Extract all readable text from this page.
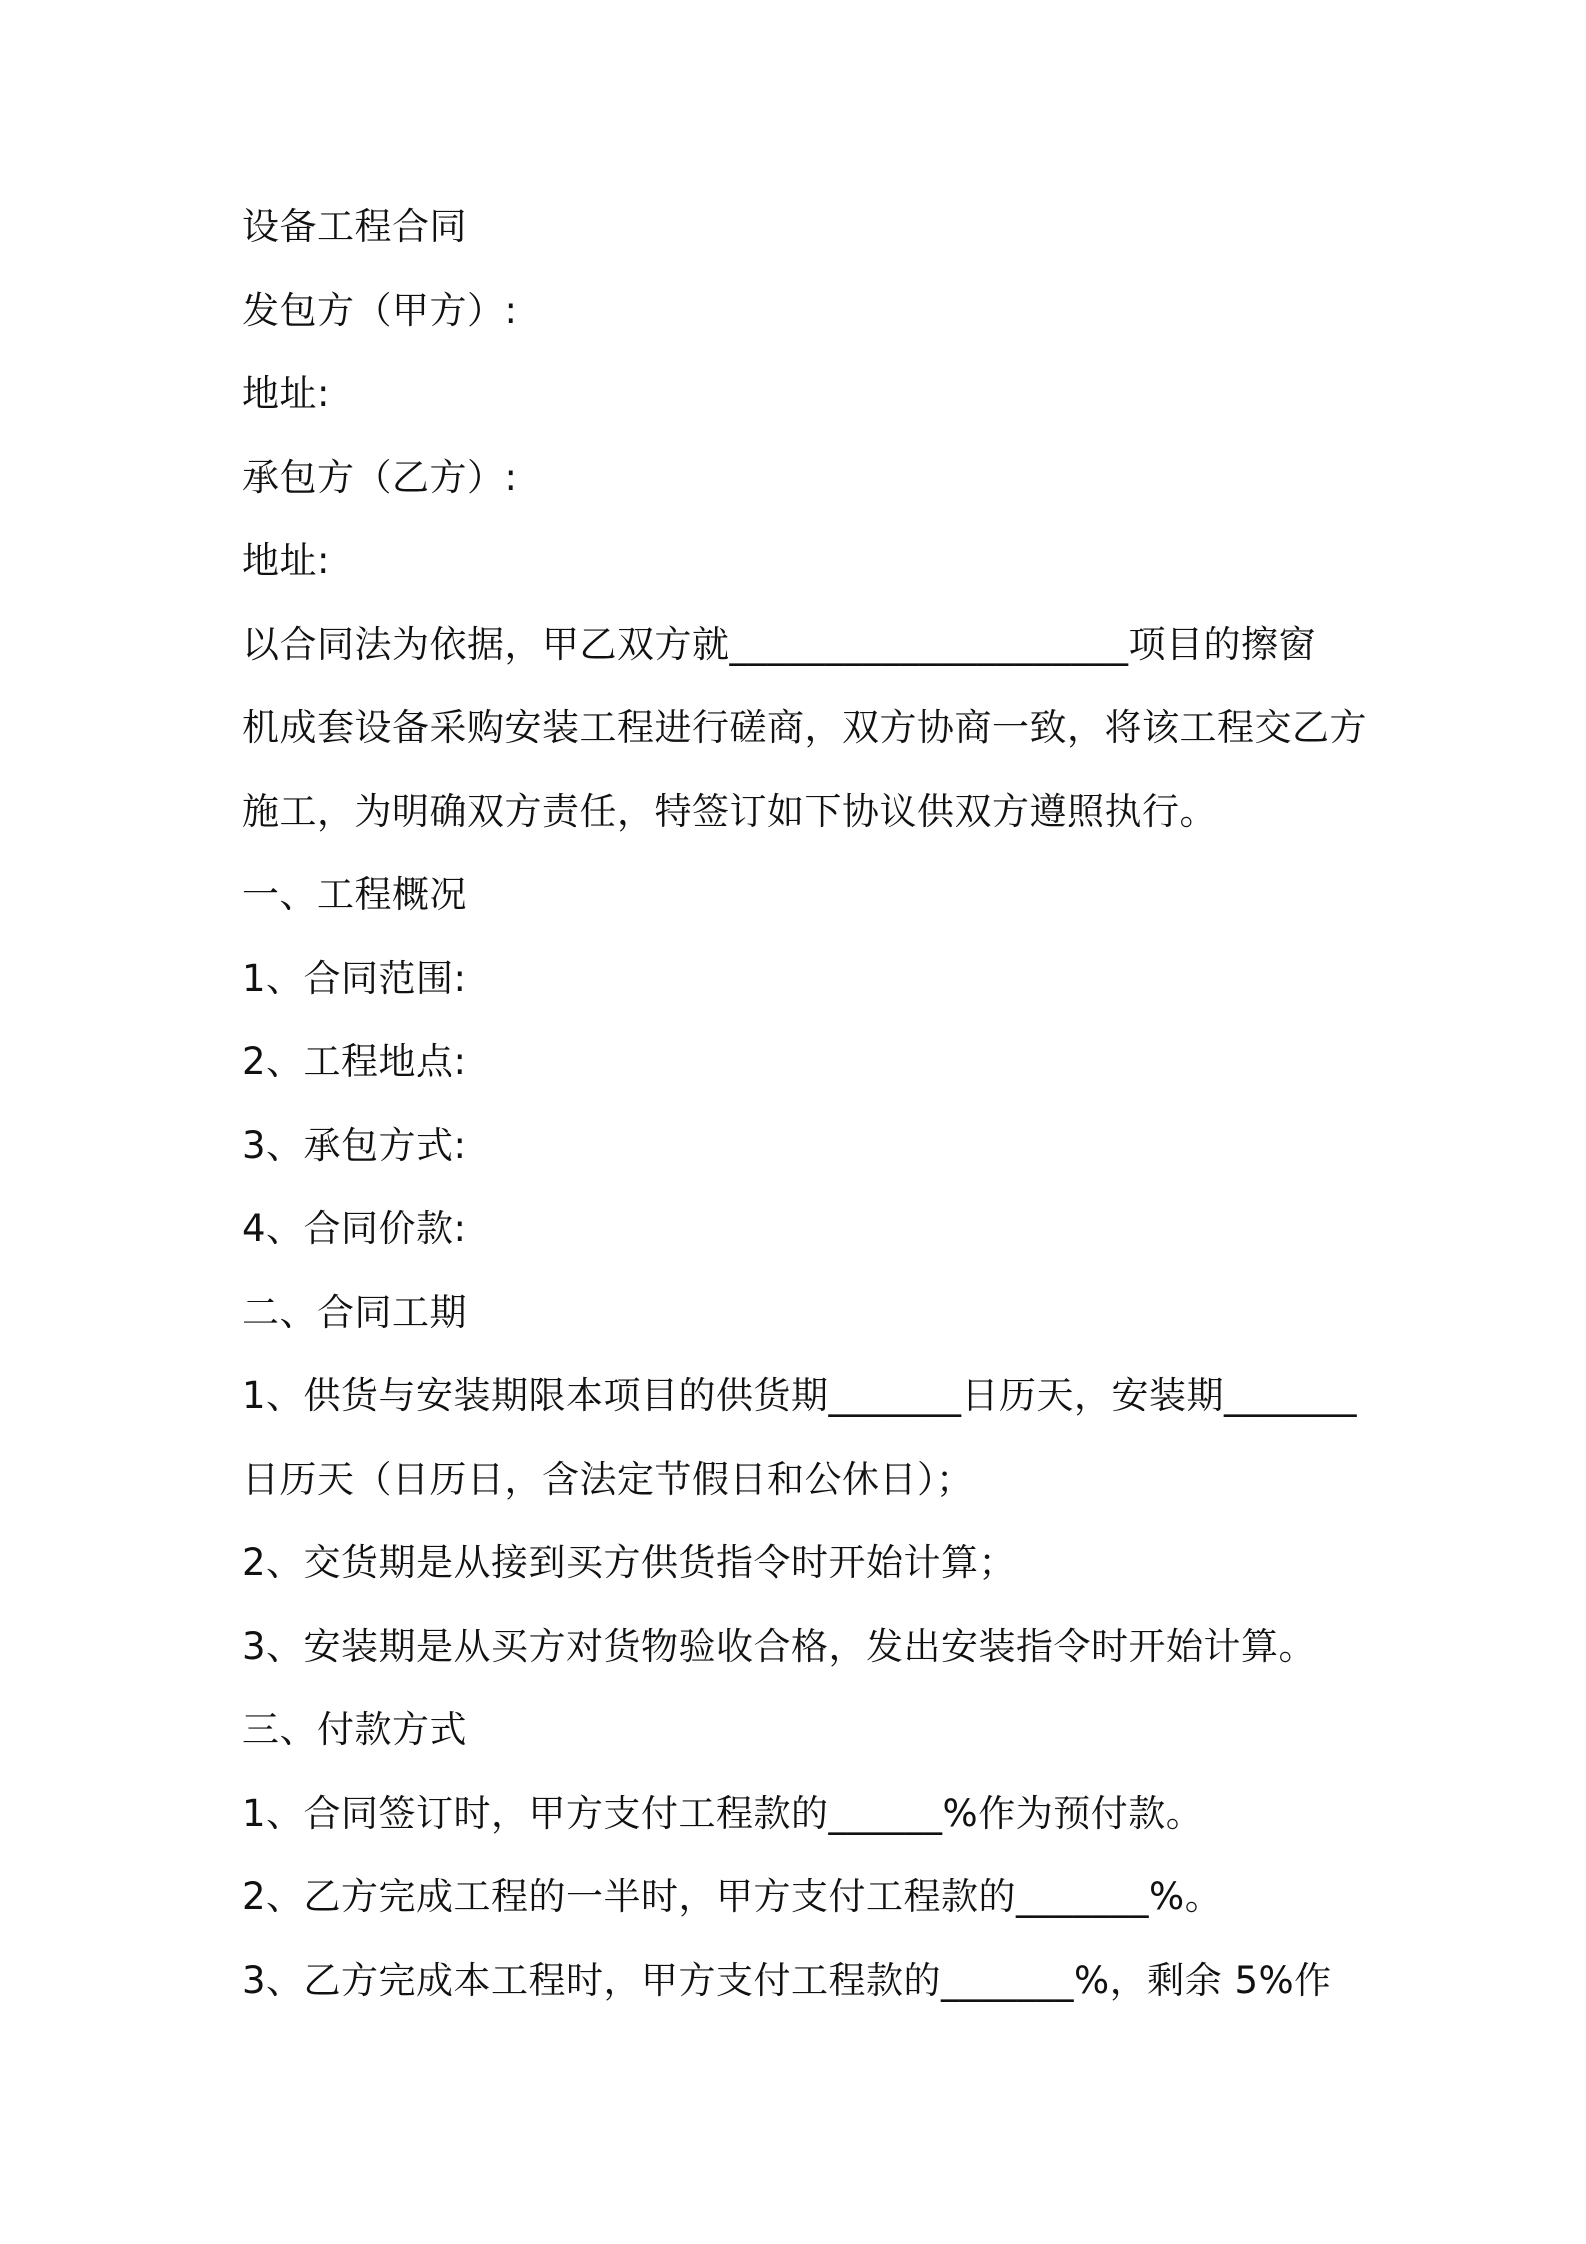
设备工程合同
发包方（甲方）:
地址:
承包方（乙方）:
地址:
以合同法为依据，甲乙双方就_____________________项目的擦窗
机成套设备采购安装工程进行磋商，双方协商一致，将该工程交乙方
施工，为明确双方责任，特签订如下协议供双方遵照执行。
一、工程概况
1、合同范围:
2、工程地点:
3、承包方式:
4、合同价款:
二、合同工期
1、供货与安装期限本项目的供货期_______日历天，安装期_______
日历天（日历日，含法定节假日和公休日）；
2、交货期是从接到买方供货指令时开始计算；
3、安装期是从买方对货物验收合格，发出安装指令时开始计算。
三、付款方式
1、合同签订时，甲方支付工程款的______%作为预付款。
2、乙方完成工程的一半时，甲方支付工程款的_______%。
3、乙方完成本工程时，甲方支付工程款的_______%，剩余 5%作
